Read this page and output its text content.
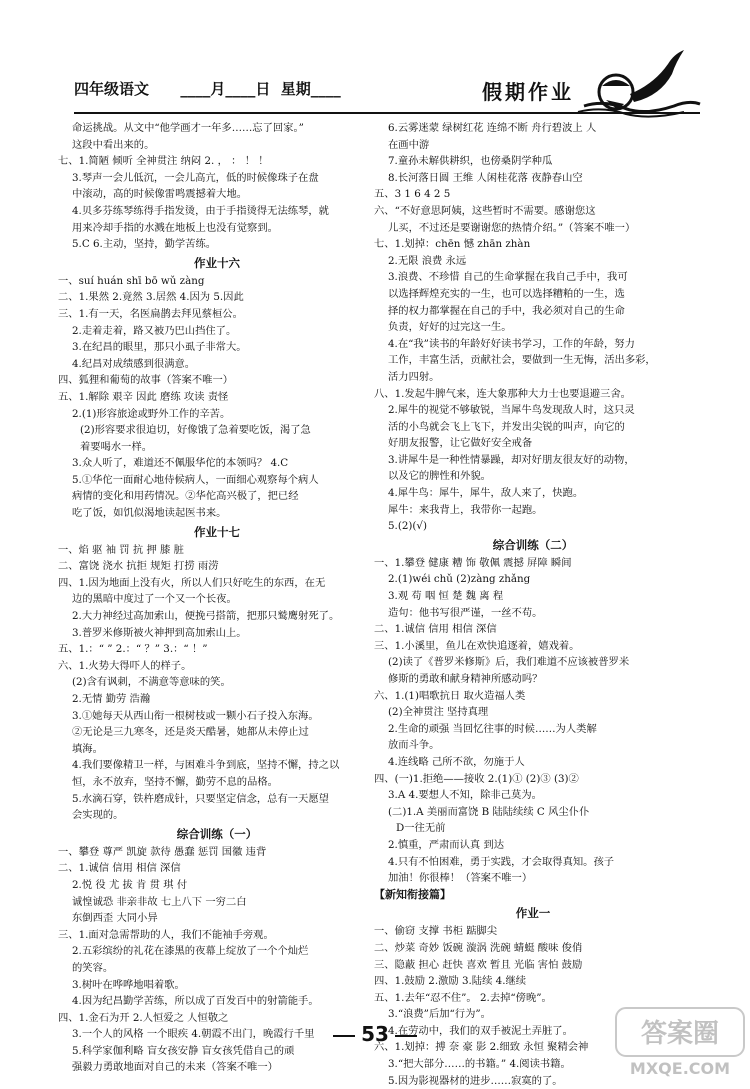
四年级语文      ____月____日  星期____	假期作业
命运挑战。从文中“他学画才一年多……忘了回家。”
这段中看出来的。
七、1.简陋 倾听 全神贯注 纳闷 2. ， ： ！ ！
3.琴声一会儿低沉，一会儿高亢，低的时候像珠子在盘
中滚动，高的时候像雷鸣震撼着大地。
4.贝多芬练琴练得手指发烫，由于手指烫得无法练琴，就
用来冷却手指的水溅在地板上也没有觉察到。
5.C 6.主动，坚持，勤学苦练。
作业十六
一、suí huán shī bō wǔ zàng
二、1.果然 2.竟然 3.居然 4.因为 5.因此
三、1.有一天，名医扁鹊去拜见蔡桓公。
2.走着走着，路又被乃巴山挡住了。
3.在纪昌的眼里，那只小虱子非常大。
4.纪昌对成绩感到很满意。
四、狐狸和葡萄的故事（答案不唯一）
五、1.解除 艰辛 因此 磨练 攻读 责怪
2.(1)形容旅途或野外工作的辛苦。
(2)形容要求很迫切，好像饿了急着要吃饭，渴了急
着要喝水一样。
3.众人听了，难道还不佩服华佗的本领吗？ 4.C
5.①华佗一面耐心地侍候病人，一面细心观察每个病人
病情的变化和用药情况。②华佗高兴极了，把已经
吃了饭，如饥似渴地读起医书来。
作业十七
一、焰 驱 袖 罚 抗 押 膝 脏
二、富饶 浇水 抗拒 规矩 打捞 雨涝
四、1.因为地面上没有火，所以人们只好吃生的东西，在无
边的黑暗中度过了一个又一个长夜。
2.大力神经过高加索山，便挽弓搭箭，把那只鹫鹰射死了。
3.普罗米修斯被火神押到高加索山上。
五、1.：“ ” 2.：“ ？” 3.：“ ！”
六、1.火势大得吓人的样子。
(2)含有讽刺，不满意等意味的笑。
2.无情 勤劳 浩瀚
3.①她每天从西山衔一根树枝或一颗小石子投入东海。
②无论是三九寒冬，还是炎天酷暑，她都从未停止过
填海。
4.我们要像精卫一样，与困难斗争到底，坚持不懈，持之以
恒，永不放弃，坚持不懈，勤劳不息的品格。
5.水滴石穿，铁杵磨成针，只要坚定信念，总有一天愿望
会实现的。
综合训练（一）
一、攀登 尊严 凯旋 款待 愚蠢 惩罚 国徽 违背
二、1.诚信 信用 相信 深信
2.悦 役 尤 拔 肯 贯 琪 付
诚惶诚恐 非亲非故 七上八下 一穷二白
东倒西歪 大同小异
三、1.面对急需帮助的人，我们不能袖手旁观。
2.五彩缤纷的礼花在漆黑的夜幕上绽放了一个个灿烂
的笑容。
3.树叶在哗哗地唱着歌。
4.因为纪昌勤学苦练，所以成了百发百中的射箭能手。
四、1.金石为开 2.人恒爱之 人恒敬之
3.一个人的风格 一个眼疾 4.朝霞不出门，晚霞行千里
5.科学家伽利略 盲女孩安静 盲女孩凭借自己的顽
强毅力勇敢地面对自己的未来（答案不唯一）
6.云雾迷蒙 绿树红花 连绵不断 舟行碧波上 人
在画中游
7.童孙未解供耕织，也傍桑阴学种瓜
8.长河落日圆 王维 人闲桂花落 夜静春山空
五、3 1 6 4 2 5
六、“不好意思阿姨，这些暂时不需要。感谢您这
儿买，不过还是要谢谢您的热情介绍。”（答案不唯一）
七、1.划掉：chēn 憾 zhān zhàn
2.无限 浪费 永远
3.浪费、不珍惜 自己的生命掌握在我自己手中，我可
以选择辉煌充实的一生，也可以选择糟粕的一生，选
择的权力都掌握在自己的手中，我必须对自己的生命
负责，好好的过完这一生。
4.在“我”读书的年龄好好读书学习，工作的年龄，努力
工作，丰富生活，贡献社会，要做到一生无悔，活出多彩，
活力四射。
八、1.发起牛脾气来，连大象那种大力士也要退避三舍。
2.犀牛的视觉不够敏锐，当犀牛鸟发现敌人时，这只灵
活的小鸟就会飞上飞下，并发出尖锐的叫声，向它的
好朋友报警，让它做好安全戒备
3.讲犀牛是一种性情暴躁，却对好朋友很友好的动物，
以及它的脾性和外貌。
4.犀牛鸟：犀牛，犀牛，敌人来了，快跑。
犀牛：来我背上，我带你一起跑。
5.(2)(√)
综合训练（二）
一、1.攀登 健康 糟 饰 敬佩 震撼 屏障 瞬间
2.(1)wéi chǔ (2)zàng zhǎng
3.观 苟 咽 恒 楚 魏 离 程
造句：他书写很严谨，一丝不苟。
二、1.诚信 信用 相信 深信
三、1.小溪里，鱼儿在欢快追逐着，嬉戏着。
(2)读了《普罗米修斯》后，我们难道不应该被普罗米
修斯的勇敢和献身精神所感动吗？
六、1.(1)唱歌抗日 取火造福人类
(2)全神贯注 坚持真理
2.生命的顽强 当回忆往事的时候……为人类解
放而斗争。
4.连线略 己所不欲，勿施于人
四、(一)1.拒绝——接收 2.(1)① (2)③ (3)②
3.A 4.要想人不知，除非己莫为。
(二)1.A 美丽而富饶 B 陆陆续续 C 风尘仆仆
D一往无前
2.慎重，严肃而认真 到达
4.只有不怕困难，勇于实践，才会取得真知。孩子
加油！你很棒！（答案不唯一）
【新知衔接篇】
作业一
一、偷窃 支撑 书柜 踮脚尖
二、炒菜 奇妙 饭碗 漩涡 洗碗 蜻蜓 酸味 俊俏
三、隐蔽 担心 赶快 喜欢 暂且 光临 害怕 鼓励
四、1.鼓励 2.激励 3.陆续 4.继续
五、1.去年“忍不住”。 2.去掉“傍晚”。
3.“浪费”后加“行为”。
4.在劳动中，我们的双手被泥土弄脏了。
六、1.划掉：搏 奈 豪 影 2.细致 永恒 聚精会神
3.“把大部分……的书籍。” 4.阅读书籍。
5.因为影视器材的进步……寂寞的了。
53	答案圈
MXQE.COM
